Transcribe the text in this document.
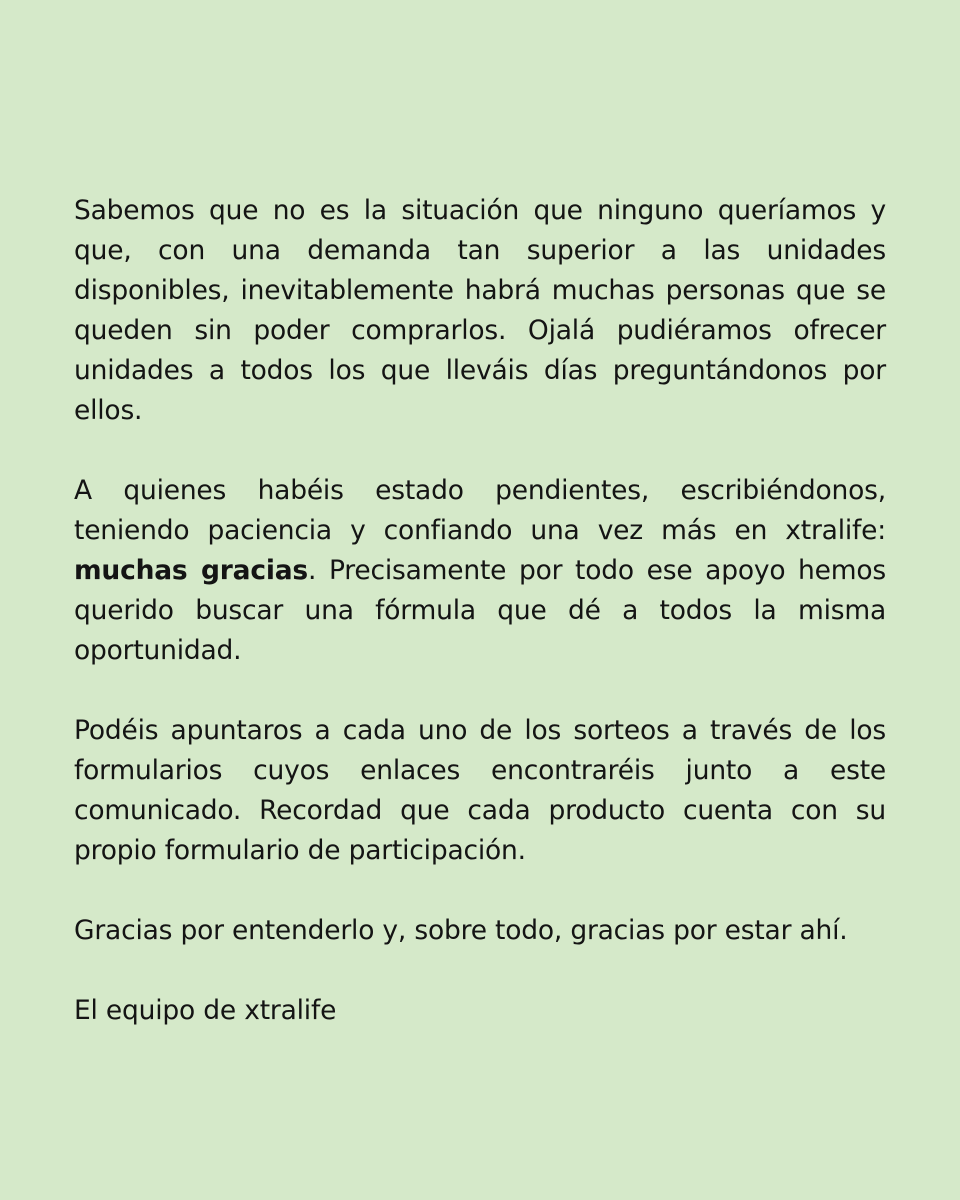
Sabemos que no es la situación que ninguno queríamos y que, con una demanda tan superior a las unidades disponibles, inevitablemente habrá muchas personas que se queden sin poder comprarlos. Ojalá pudiéramos ofrecer unidades a todos los que lleváis días preguntándonos por ellos.

A quienes habéis estado pendientes, escribiéndonos, teniendo paciencia y confiando una vez más en xtralife: muchas gracias. Precisamente por todo ese apoyo hemos querido buscar una fórmula que dé a todos la misma oportunidad.

Podéis apuntaros a cada uno de los sorteos a través de los formularios cuyos enlaces encontraréis junto a este comunicado. Recordad que cada producto cuenta con su propio formulario de participación.

Gracias por entenderlo y, sobre todo, gracias por estar ahí.

El equipo de xtralife
